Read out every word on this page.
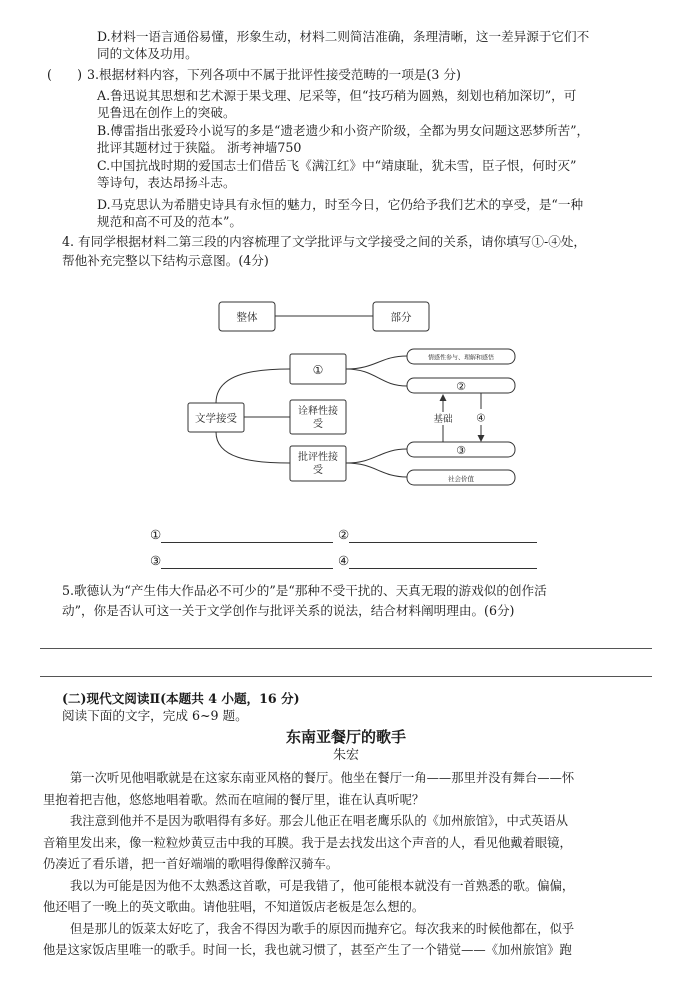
D.材料一语言通俗易懂，形象生动，材料二则简洁准确，条理清晰，这一差异源于它们不
同的文体及功用。
(　　) 3.根据材料内容，下列各项中不属于批评性接受范畴的一项是(3 分)
A.鲁迅说其思想和艺术源于果戈理、尼采等，但“技巧稍为圆熟，刻划也稍加深切”，可
见鲁迅在创作上的突破。
B.傅雷指出张爱玲小说写的多是“遗老遗少和小资产阶级，全都为男女问题这恶梦所苦”，
批评其题材过于狭隘。 浙考神墙750
C.中国抗战时期的爱国志士们借岳飞《满江红》中“靖康耻，犹未雪，臣子恨，何时灭”
等诗句，表达昂扬斗志。
D.马克思认为希腊史诗具有永恒的魅力，时至今日，它仍给予我们艺术的享受，是“一种
规范和高不可及的范本”。
4. 有同学根据材料二第三段的内容梳理了文学批评与文学接受之间的关系，请你填写①-④处，
帮他补充完整以下结构示意图。(4分)
整体	部分
文学接受
①
诠释性接
受
批评性接
受
情感性参与、理解和感悟
②
③
社会价值
基础 ④
①	②
③	④
5.歌德认为“产生伟大作品必不可少的”是“那种不受干扰的、天真无瑕的游戏似的创作活
动”，你是否认可这一关于文学创作与批评关系的说法，结合材料阐明理由。(6分)
(二)现代文阅读Ⅱ(本题共 4 小题，16 分)
阅读下面的文字，完成 6~9 题。
东南亚餐厅的歌手
朱宏
第一次听见他唱歌就是在这家东南亚风格的餐厅。他坐在餐厅一角——那里并没有舞台——怀
里抱着把吉他，悠悠地唱着歌。然而在喧闹的餐厅里，谁在认真听呢？
我注意到他并不是因为歌唱得有多好。那会儿他正在唱老鹰乐队的《加州旅馆》，中式英语从
音箱里发出来，像一粒粒炒黄豆击中我的耳膜。我于是去找发出这个声音的人，看见他戴着眼镜，
仍凑近了看乐谱，把一首好端端的歌唱得像醉汉骑车。
我以为可能是因为他不太熟悉这首歌，可是我错了，他可能根本就没有一首熟悉的歌。偏偏，
他还唱了一晚上的英文歌曲。请他驻唱，不知道饭店老板是怎么想的。
但是那儿的饭菜太好吃了，我舍不得因为歌手的原因而抛弃它。每次我来的时候他都在，似乎
他是这家饭店里唯一的歌手。时间一长，我也就习惯了，甚至产生了一个错觉——《加州旅馆》跑
